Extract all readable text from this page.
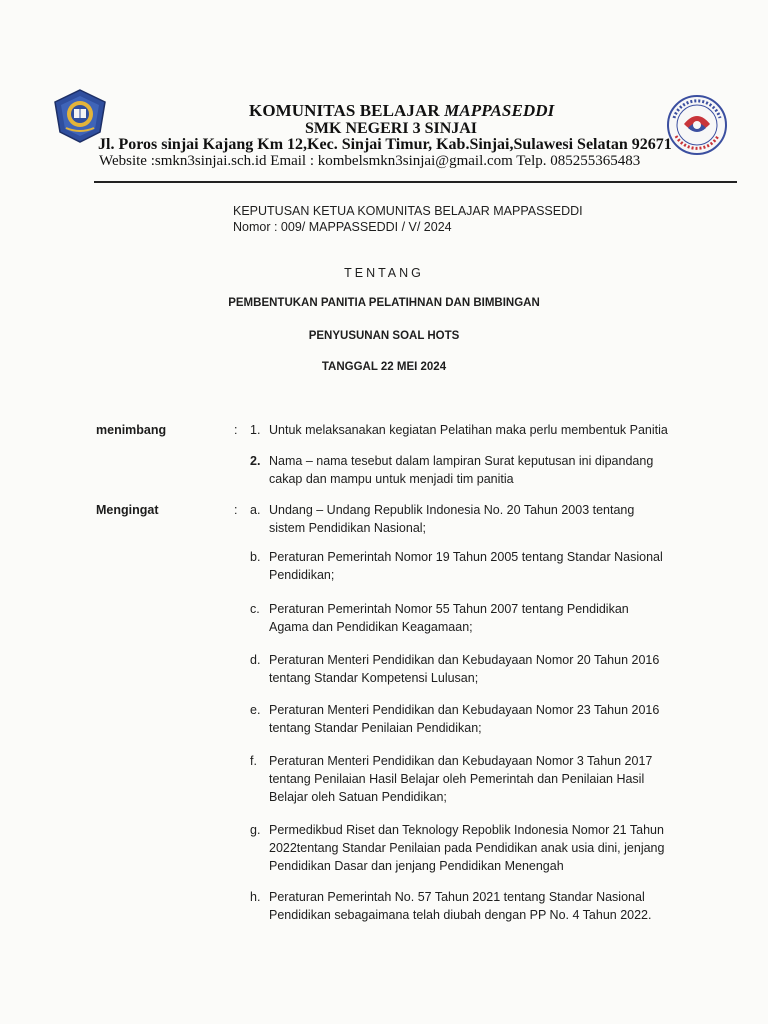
KOMUNITAS BELAJAR MAPPASEDDI
SMK NEGERI 3 SINJAI
Jl. Poros sinjai Kajang Km 12,Kec. Sinjai Timur, Kab.Sinjai,Sulawesi Selatan 92671
Website :smkn3sinjai.sch.id Email : kombelsmkn3sinjai@gmail.com Telp. 085255365483
KEPUTUSAN KETUA KOMUNITAS BELAJAR MAPPASSEDDI
Nomor : 009/ MAPPASSEDDI / V/ 2024
TENTANG
PEMBENTUKAN PANITIA PELATIHNAN DAN BIMBINGAN
PENYUSUNAN SOAL HOTS
TANGGAL 22 MEI 2024
menimbang	: 1. Untuk melaksanakan kegiatan Pelatihan maka perlu membentuk Panitia
2. Nama – nama tesebut dalam lampiran Surat keputusan ini dipandang
cakap dan mampu untuk menjadi tim panitia
Mengingat	: a. Undang – Undang Republik Indonesia No. 20 Tahun 2003 tentang
sistem Pendidikan Nasional;
b. Peraturan Pemerintah Nomor 19 Tahun 2005 tentang Standar Nasional
Pendidikan;
c. Peraturan Pemerintah Nomor 55 Tahun 2007 tentang Pendidikan
Agama dan Pendidikan Keagamaan;
d. Peraturan Menteri Pendidikan dan Kebudayaan Nomor 20 Tahun 2016
tentang Standar Kompetensi Lulusan;
e. Peraturan Menteri Pendidikan dan Kebudayaan Nomor 23 Tahun 2016
tentang Standar Penilaian Pendidikan;
f. Peraturan Menteri Pendidikan dan Kebudayaan Nomor 3 Tahun 2017
tentang Penilaian Hasil Belajar oleh Pemerintah dan Penilaian Hasil
Belajar oleh Satuan Pendidikan;
g. Permedikbud Riset dan Teknology Repoblik Indonesia Nomor 21 Tahun
2022tentang Standar Penilaian pada Pendidikan anak usia dini, jenjang
Pendidikan Dasar dan jenjang Pendidikan Menengah
h. Peraturan Pemerintah No. 57 Tahun 2021 tentang Standar Nasional
Pendidikan sebagaimana telah diubah dengan PP No. 4 Tahun 2022.
